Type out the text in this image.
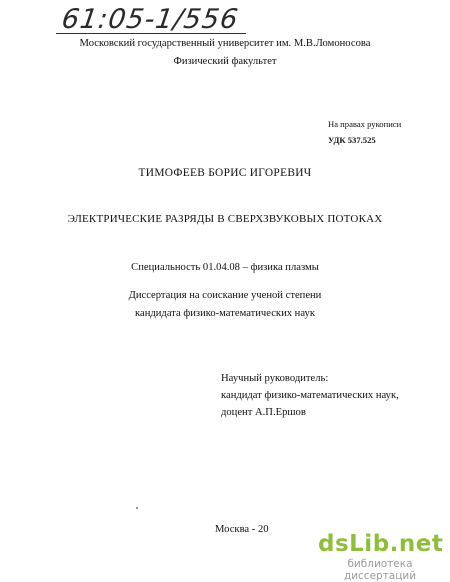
61:05-1/556
Московский государственный университет им. М.В.Ломоносова
Физический факультет
На правах рукописи
УДК 537.525
ТИМОФЕЕВ БОРИС ИГОРЕВИЧ
ЭЛЕКТРИЧЕСКИЕ РАЗРЯДЫ В СВЕРХЗВУКОВЫХ ПОТОКАХ
Специальность 01.04.08 – физика плазмы
Диссертация на соискание ученой степени
кандидата физико-математических наук
Научный руководитель:
кандидат физико-математических наук,
доцент А.П.Ершов
Москва - 20
dsLib.net
библиотека диссертаций
